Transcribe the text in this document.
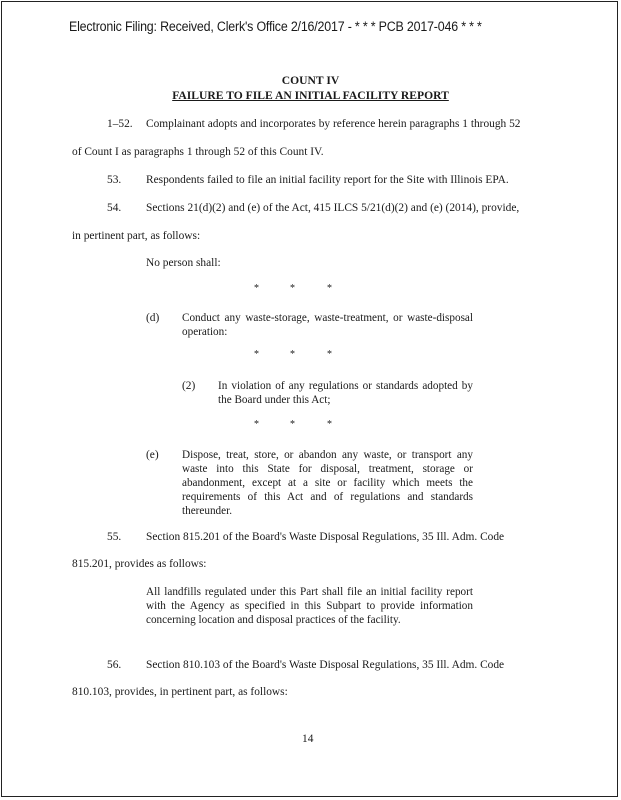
Electronic Filing: Received, Clerk's Office 2/16/2017 - * * * PCB 2017-046 * * *
COUNT IV
FAILURE TO FILE AN INITIAL FACILITY REPORT
1–52. Complainant adopts and incorporates by reference herein paragraphs 1 through 52
of Count I as paragraphs 1 through 52 of this Count IV.
53. Respondents failed to file an initial facility report for the Site with Illinois EPA.
54. Sections 21(d)(2) and (e) of the Act, 415 ILCS 5/21(d)(2) and (e) (2014), provide,
in pertinent part, as follows:
No person shall:
*	*	*
(d) Conduct any waste-storage, waste-treatment, or waste-disposal operation:
*	*	*
(2) In violation of any regulations or standards adopted by the Board under this Act;
*	*	*
(e) Dispose, treat, store, or abandon any waste, or transport any waste into this State for disposal, treatment, storage or abandonment, except at a site or facility which meets the requirements of this Act and of regulations and standards thereunder.
55. Section 815.201 of the Board's Waste Disposal Regulations, 35 Ill. Adm. Code
815.201, provides as follows:
All landfills regulated under this Part shall file an initial facility report with the Agency as specified in this Subpart to provide information concerning location and disposal practices of the facility.
56. Section 810.103 of the Board's Waste Disposal Regulations, 35 Ill. Adm. Code
810.103, provides, in pertinent part, as follows:
14
